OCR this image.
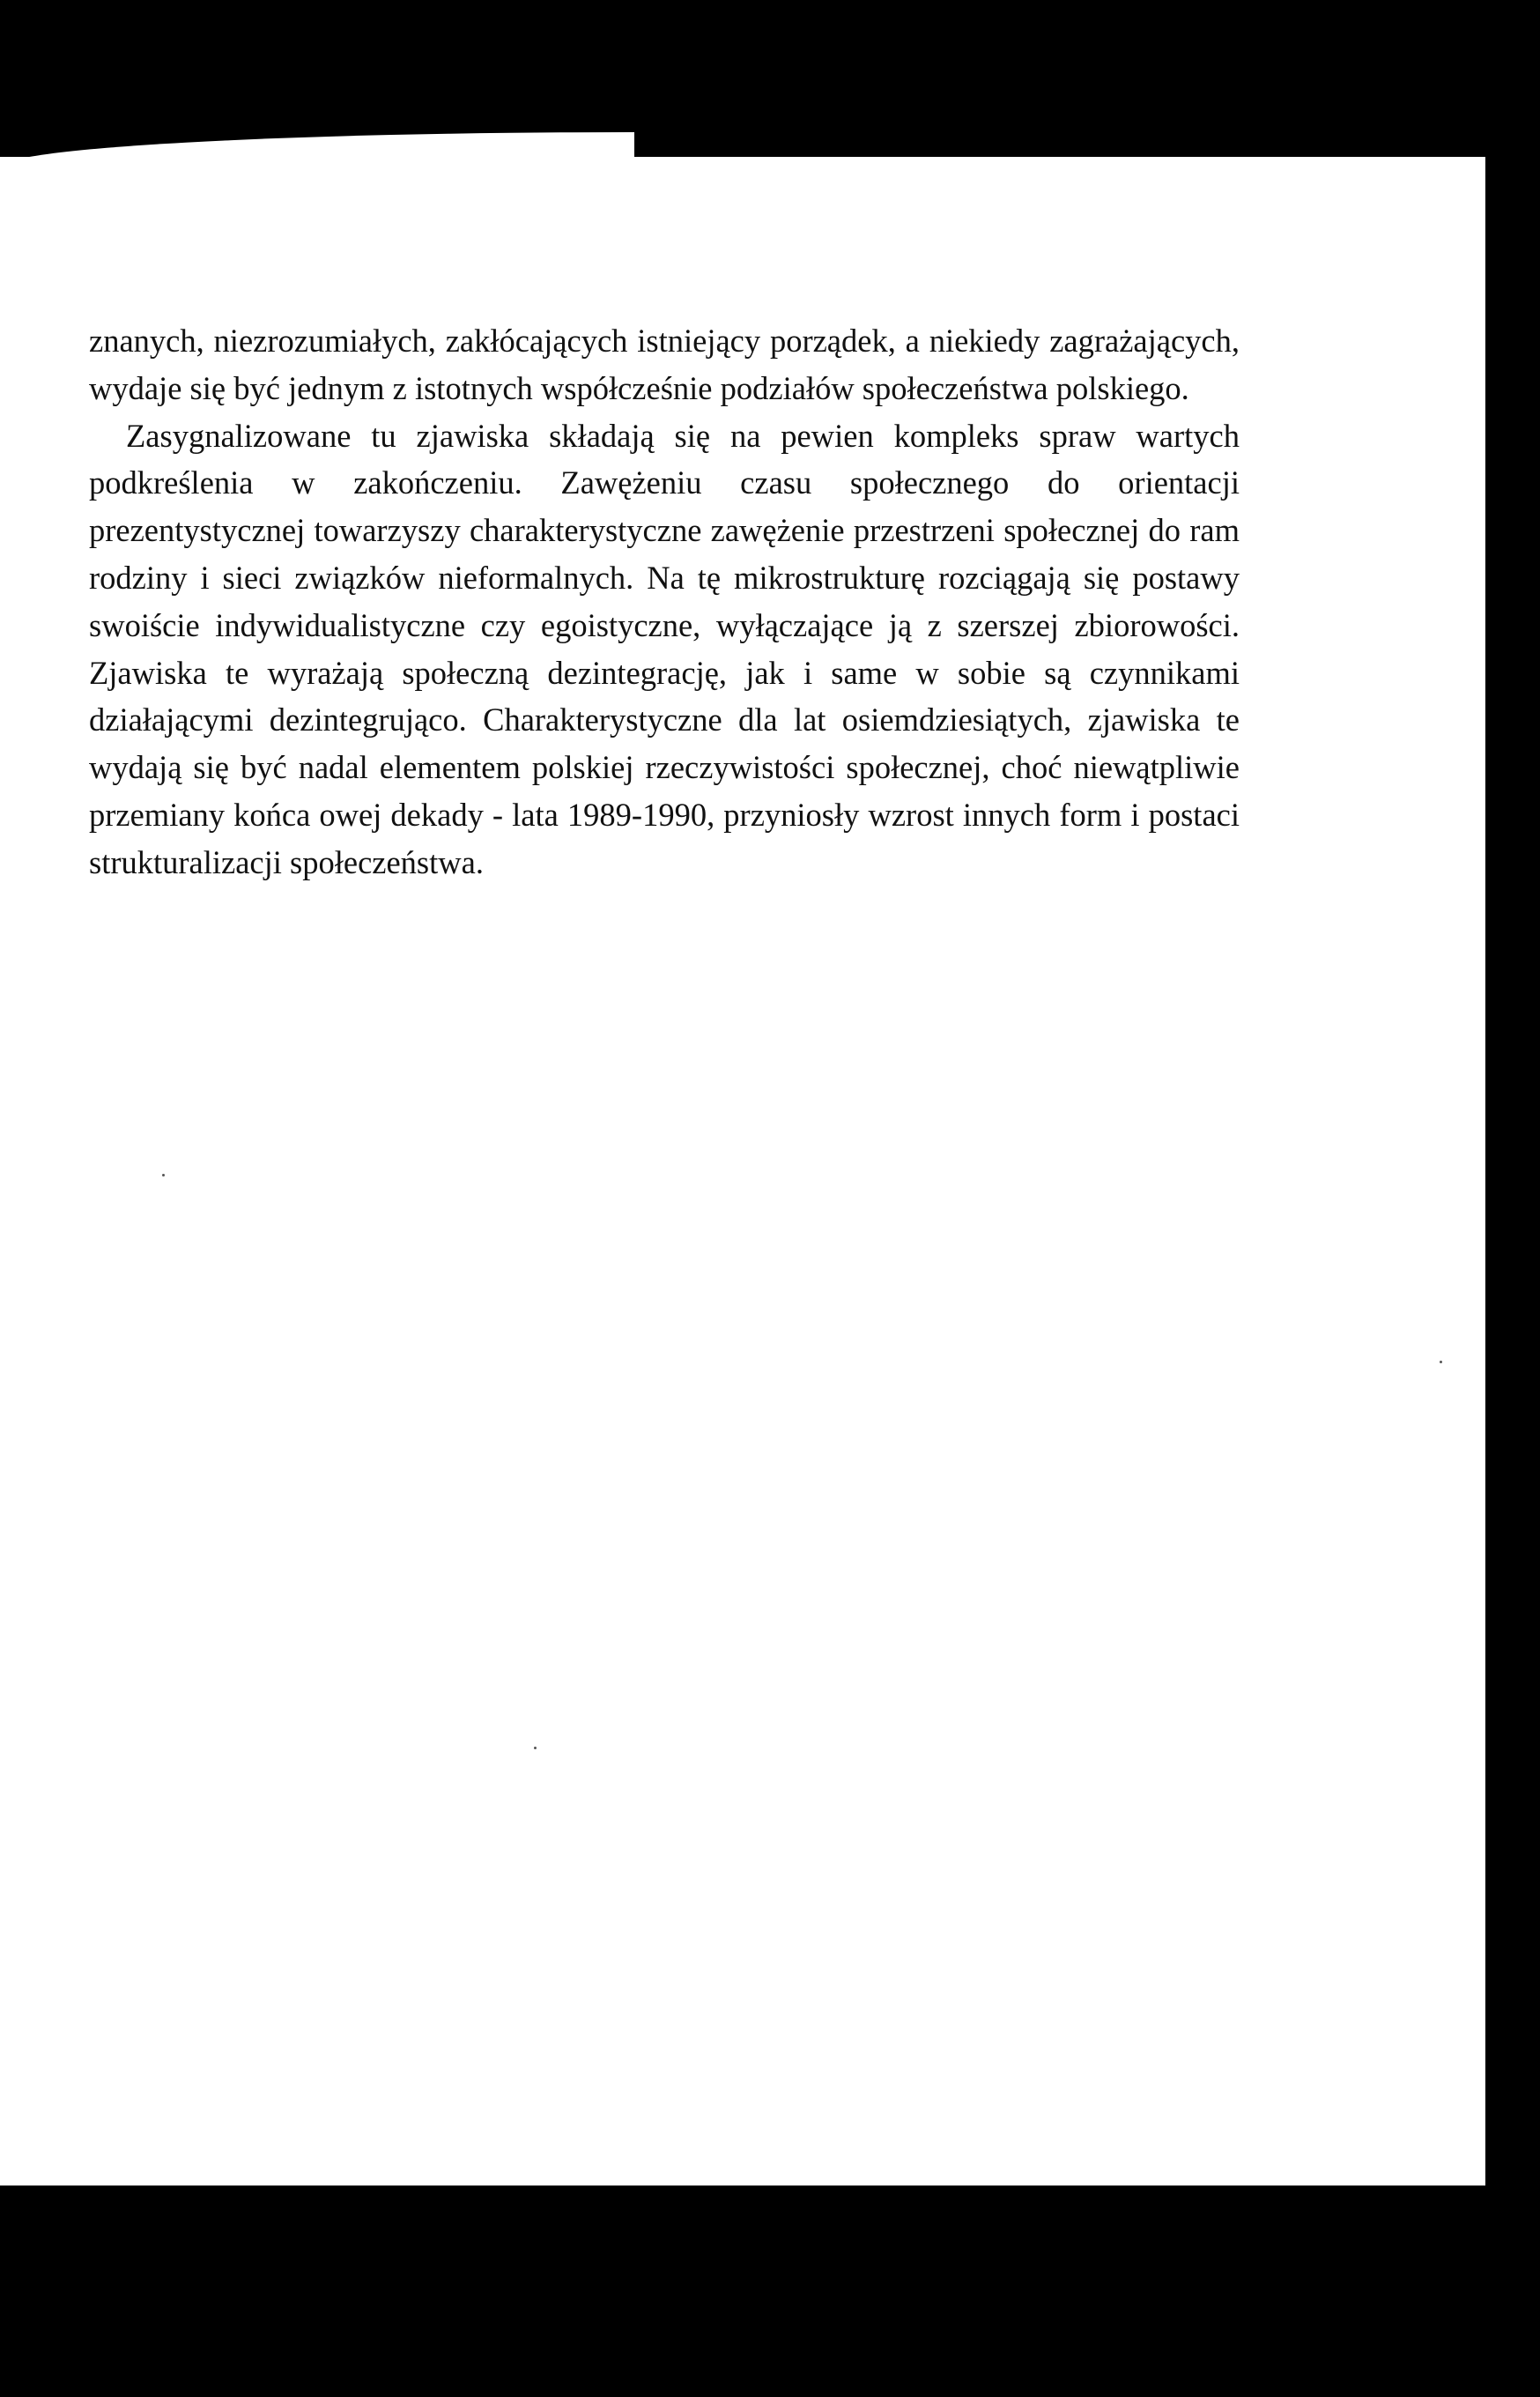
znanych, niezrozumiałych, zakłócających istniejący porządek, a niekiedy zagrażających, wydaje się być jednym z istotnych współcześnie podziałów społeczeństwa polskiego.

Zasygnalizowane tu zjawiska składają się na pewien kompleks spraw wartych podkreślenia w zakończeniu. Zawężeniu czasu społecznego do orientacji prezentystycznej towarzyszy charakterystyczne zawężenie przestrzeni społecznej do ram rodziny i sieci związków nieformalnych. Na tę mikrostrukturę rozciągają się postawy swoiście indywidualistyczne czy egoistyczne, wyłączające ją z szerszej zbiorowości. Zjawiska te wyrażają społeczną dezintegrację, jak i same w sobie są czynnikami działającymi dezintegrująco. Charakterystyczne dla lat osiemdziesiątych, zjawiska te wydają się być nadal elementem polskiej rzeczywistości społecznej, choć niewątpliwie przemiany końca owej dekady - lata 1989-1990, przyniosły wzrost innych form i postaci strukturalizacji społeczeństwa.
